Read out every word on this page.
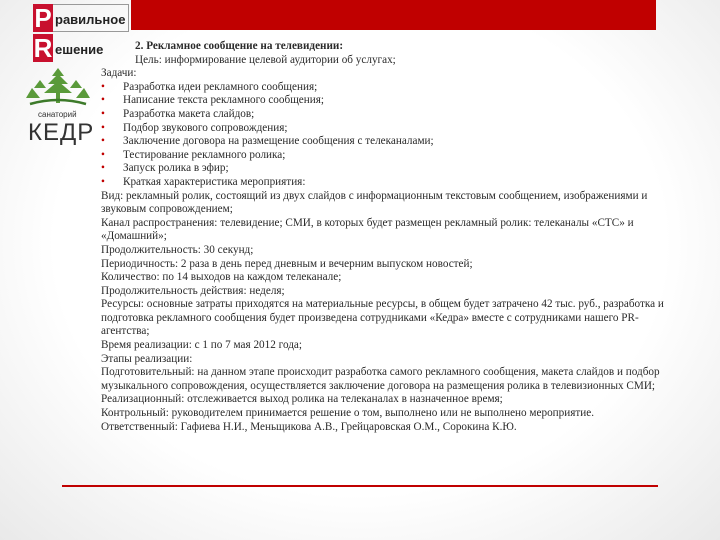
P равильное
R ешение
санаторий
КЕДР

2. Рекламное сообщение на телевидении:

Цель: информирование целевой аудитории об услугах;

Задачи:

• Разработка идеи рекламного сообщения;

• Написание текста рекламного сообщения;

• Разработка макета слайдов;

• Подбор звукового сопровождения;

• Заключение договора на размещение сообщения с телеканалами;

• Тестирование рекламного ролика;

• Запуск ролика в эфир;

• Краткая характеристика мероприятия:

Вид: рекламный ролик, состоящий из двух слайдов с информационным текстовым сообщением, изображениями и звуковым сопровождением;

Канал распространения: телевидение; СМИ, в которых будет размещен рекламный ролик: телеканалы «СТС» и «Домашний»;

Продолжительность: 30 секунд;

Периодичность: 2 раза в день перед дневным и вечерним выпуском новостей;

Количество: по 14 выходов на каждом телеканале;

Продолжительность действия: неделя;

Ресурсы: основные затраты приходятся на материальные ресурсы, в общем будет затрачено 42 тыс. руб., разработка и подготовка рекламного сообщения будет произведена сотрудниками «Кедра» вместе с сотрудниками нашего PR-агентства;

Время реализации: с 1 по 7 мая 2012 года;

Этапы реализации:

Подготовительный: на данном этапе происходит разработка самого рекламного сообщения, макета слайдов и подбор музыкального сопровождения, осуществляется заключение договора на размещения ролика в телевизионных СМИ;

Реализационный: отслеживается выход ролика на телеканалах в назначенное время;

Контрольный: руководителем принимается решение о том, выполнено или не выполнено мероприятие.

Ответственный: Гафиева Н.И., Меньщикова А.В., Грейцаровская О.М., Сорокина К.Ю.
